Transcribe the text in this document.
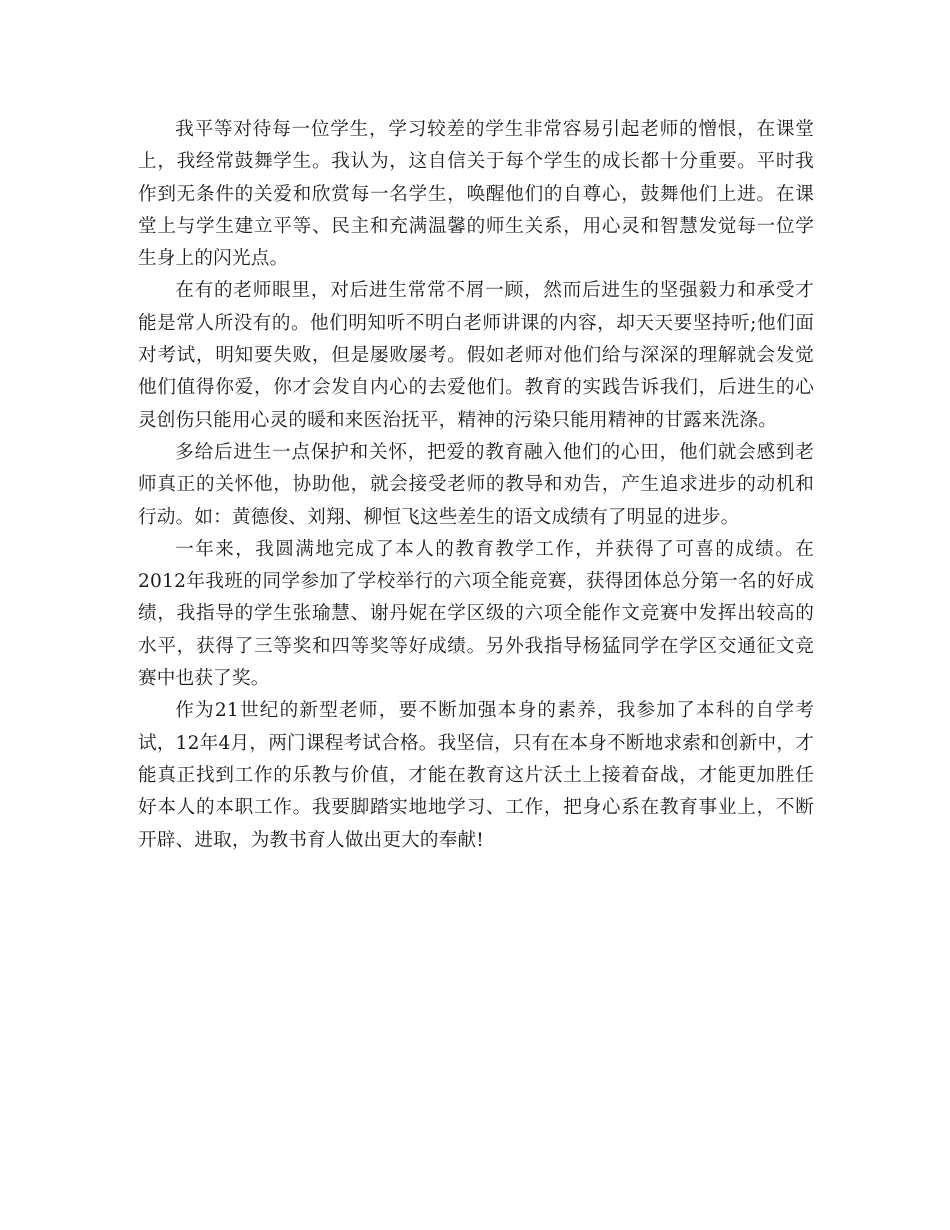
我平等对待每一位学生，学习较差的学生非常容易引起老师的憎恨，在课堂上，我经常鼓舞学生。我认为，这自信关于每个学生的成长都十分重要。平时我作到无条件的关爱和欣赏每一名学生，唤醒他们的自尊心，鼓舞他们上进。在课堂上与学生建立平等、民主和充满温馨的师生关系，用心灵和智慧发觉每一位学生身上的闪光点。

在有的老师眼里，对后进生常常不屑一顾，然而后进生的坚强毅力和承受才能是常人所没有的。他们明知听不明白老师讲课的内容，却天天要坚持听;他们面对考试，明知要失败，但是屡败屡考。假如老师对他们给与深深的理解就会发觉他们值得你爱，你才会发自内心的去爱他们。教育的实践告诉我们，后进生的心灵创伤只能用心灵的暖和来医治抚平，精神的污染只能用精神的甘露来洗涤。

多给后进生一点保护和关怀，把爱的教育融入他们的心田，他们就会感到老师真正的关怀他，协助他，就会接受老师的教导和劝告，产生追求进步的动机和行动。如：黄德俊、刘翔、柳恒飞这些差生的语文成绩有了明显的进步。

一年来，我圆满地完成了本人的教育教学工作，并获得了可喜的成绩。在2012年我班的同学参加了学校举行的六项全能竞赛，获得团体总分第一名的好成绩，我指导的学生张瑜慧、谢丹妮在学区级的六项全能作文竞赛中发挥出较高的水平，获得了三等奖和四等奖等好成绩。另外我指导杨猛同学在学区交通征文竞赛中也获了奖。

作为21世纪的新型老师，要不断加强本身的素养，我参加了本科的自学考试，12年4月，两门课程考试合格。我坚信，只有在本身不断地求索和创新中，才能真正找到工作的乐教与价值，才能在教育这片沃土上接着奋战，才能更加胜任好本人的本职工作。我要脚踏实地地学习、工作，把身心系在教育事业上，不断开辟、进取，为教书育人做出更大的奉献!
